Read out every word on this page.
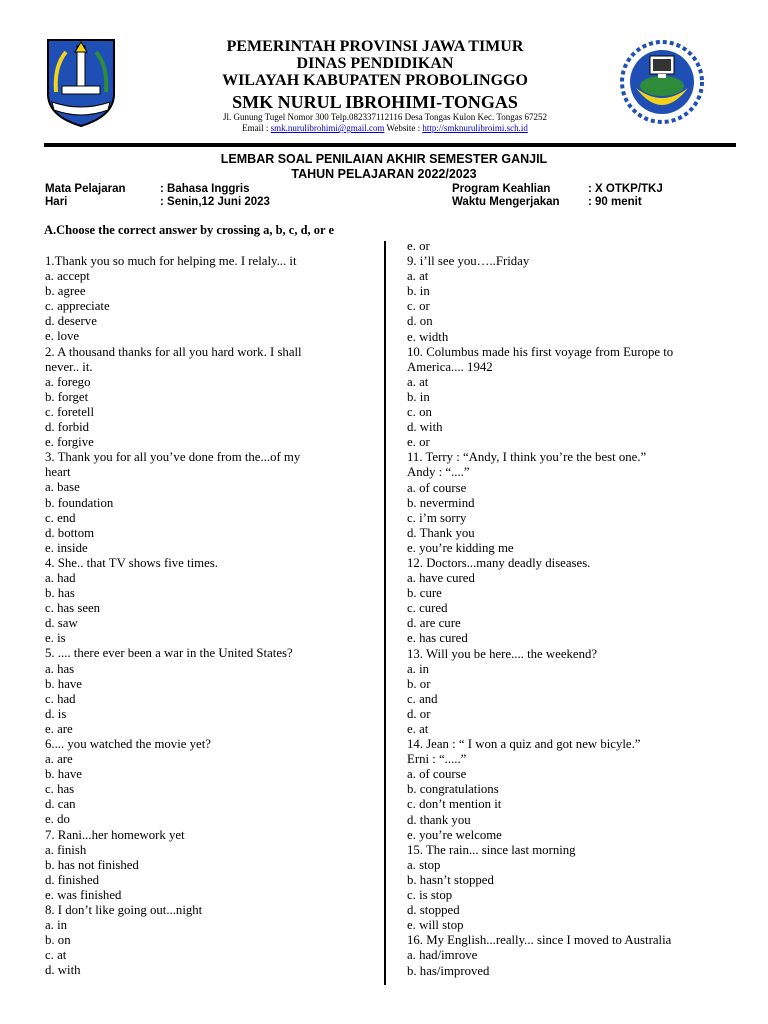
PEMERINTAH PROVINSI JAWA TIMUR
DINAS PENDIDIKAN
WILAYAH KABUPATEN PROBOLINGGO
SMK NURUL IBROHIMI-TONGAS
Jl. Gunung Tugel Nomor 300 Telp.082337112116 Desa Tongas Kulon Kec. Tongas 67252
Email : smk.nurulibrohimi@gmail.com Website : http://smknurulibroimi.sch.id
LEMBAR SOAL PENILAIAN AKHIR SEMESTER GANJIL
TAHUN PELAJARAN 2022/2023
Mata Pelajaran	: Bahasa Inggris
Hari	: Senin,12 Juni 2023
Program Keahlian	: X OTKP/TKJ
Waktu Mengerjakan : 90 menit
A.Choose the correct answer by crossing a, b, c, d, or e
1.Thank you so much for helping me. I relaly... it
a. accept
b. agree
c. appreciate
d. deserve
e. love
2. A thousand thanks for all you hard work. I shall
never.. it.
a. forego
b. forget
c. foretell
d. forbid
e. forgive
3. Thank you for all you’ve done from the...of my
heart
a. base
b. foundation
c. end
d. bottom
e. inside
4. She.. that TV shows five times.
a. had
b. has
c. has seen
d. saw
e. is
5. .... there ever been a war in the United States?
a. has
b. have
c. had
d. is
e. are
6.... you watched the movie yet?
a. are
b. have
c. has
d. can
e. do
7. Rani...her homework yet
a. finish
b. has not finished
d. finished
e. was finished
8. I don’t like going out...night
a. in
b. on
c. at
d. with
e. or
9. i’ll see you…..Friday
a. at
b. in
c. or
d. on
e. width
10. Columbus made his first voyage from Europe to
America.... 1942
a. at
b. in
c. on
d. with
e. or
11. Terry : “Andy, I think you’re the best one.”
Andy : “....”
a. of course
b. nevermind
c. i’m sorry
d. Thank you
e. you’re kidding me
12. Doctors...many deadly diseases.
a. have cured
b. cure
c. cured
d. are cure
e. has cured
13. Will you be here.... the weekend?
a. in
b. or
c. and
d. or
e. at
14. Jean : “ I won a quiz and got new bicyle.”
Erni : “.....”
a. of course
b. congratulations
c. don’t mention it
d. thank you
e. you’re welcome
15. The rain... since last morning
a. stop
b. hasn’t stopped
c. is stop
d. stopped
e. will stop
16. My English...really... since I moved to Australia
a. had/imrove
b. has/improved
